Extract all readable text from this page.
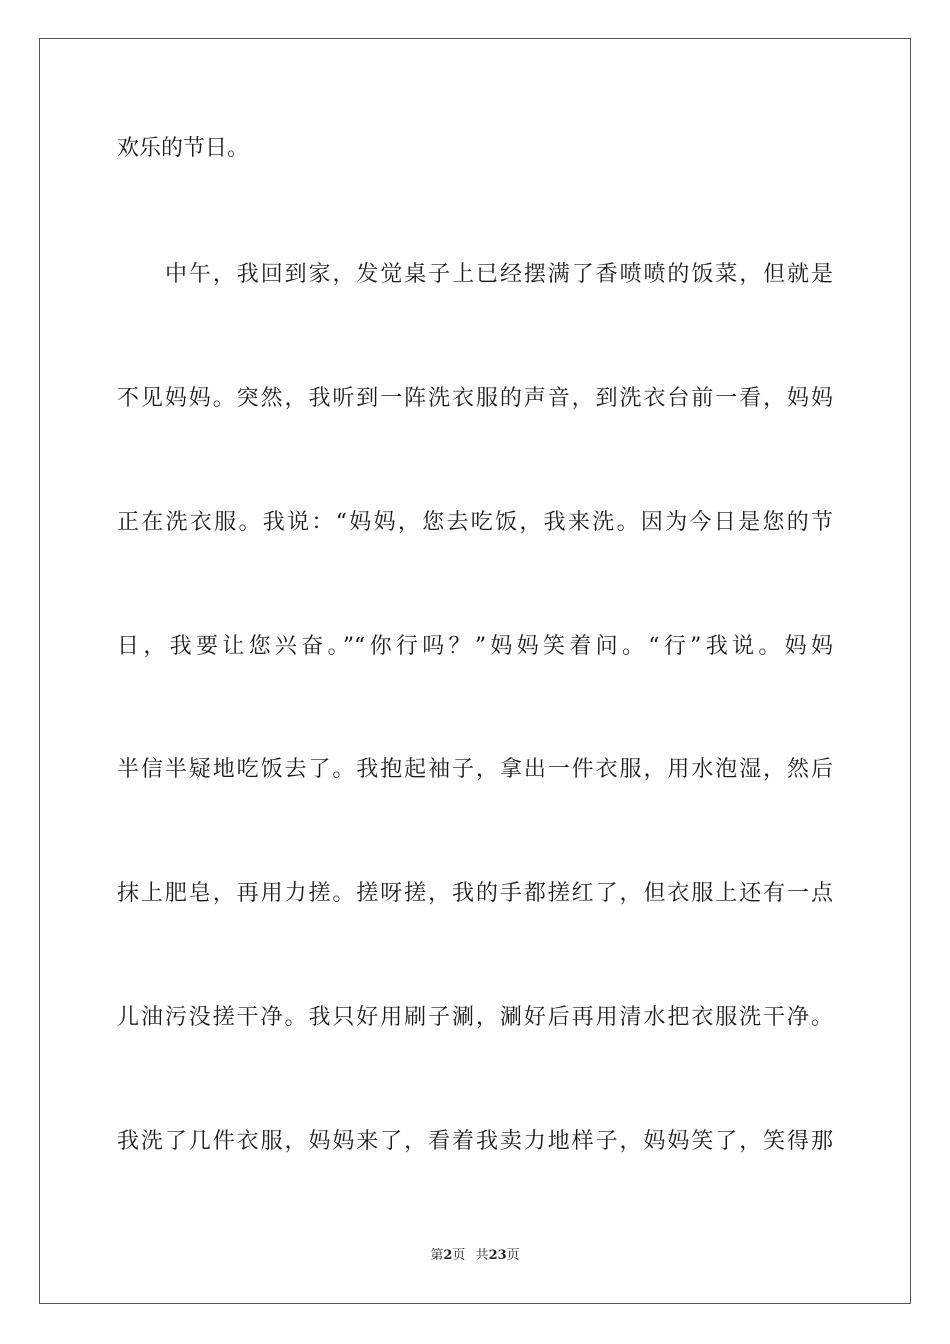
欢乐的节日。
中午，我回到家，发觉桌子上已经摆满了香喷喷的饭菜，但就是
不见妈妈。突然，我听到一阵洗衣服的声音，到洗衣台前一看，妈妈
正在洗衣服。我说：“妈妈，您去吃饭，我来洗。因为今日是您的节
日，我要让您兴奋。”“你行吗？”妈妈笑着问。“行”我说。妈妈
半信半疑地吃饭去了。我抱起袖子，拿出一件衣服，用水泡湿，然后
抹上肥皂，再用力搓。搓呀搓，我的手都搓红了，但衣服上还有一点
儿油污没搓干净。我只好用刷子涮，涮好后再用清水把衣服洗干净。
我洗了几件衣服，妈妈来了，看着我卖力地样子，妈妈笑了，笑得那
第2页 共23页
